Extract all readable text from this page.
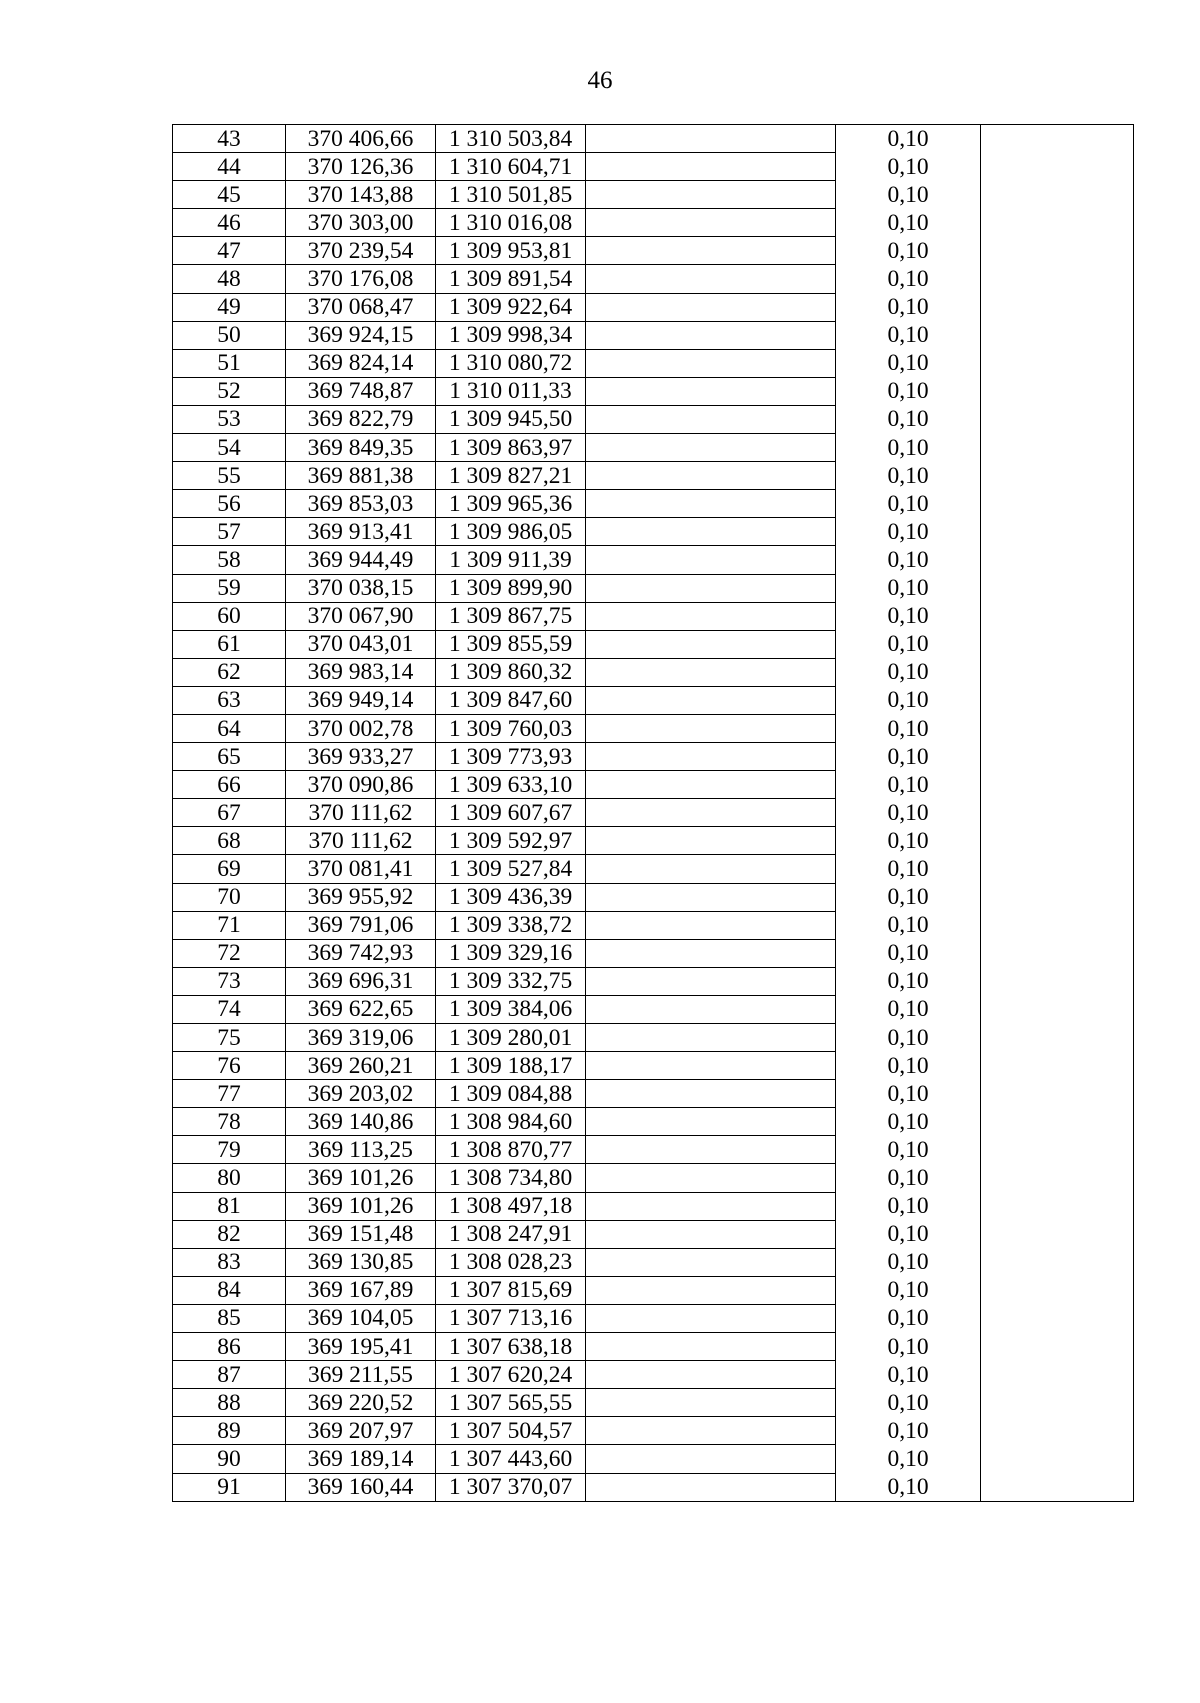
46
43	370 406,66	1 310 503,84		0,10	
44	370 126,36	1 310 604,71		0,10	
45	370 143,88	1 310 501,85		0,10	
46	370 303,00	1 310 016,08		0,10	
47	370 239,54	1 309 953,81		0,10	
48	370 176,08	1 309 891,54		0,10	
49	370 068,47	1 309 922,64		0,10	
50	369 924,15	1 309 998,34		0,10	
51	369 824,14	1 310 080,72		0,10	
52	369 748,87	1 310 011,33		0,10	
53	369 822,79	1 309 945,50		0,10	
54	369 849,35	1 309 863,97		0,10	
55	369 881,38	1 309 827,21		0,10	
56	369 853,03	1 309 965,36		0,10	
57	369 913,41	1 309 986,05		0,10	
58	369 944,49	1 309 911,39		0,10	
59	370 038,15	1 309 899,90		0,10	
60	370 067,90	1 309 867,75		0,10	
61	370 043,01	1 309 855,59		0,10	
62	369 983,14	1 309 860,32		0,10	
63	369 949,14	1 309 847,60		0,10	
64	370 002,78	1 309 760,03		0,10	
65	369 933,27	1 309 773,93		0,10	
66	370 090,86	1 309 633,10		0,10	
67	370 111,62	1 309 607,67		0,10	
68	370 111,62	1 309 592,97		0,10	
69	370 081,41	1 309 527,84		0,10	
70	369 955,92	1 309 436,39		0,10	
71	369 791,06	1 309 338,72		0,10	
72	369 742,93	1 309 329,16		0,10	
73	369 696,31	1 309 332,75		0,10	
74	369 622,65	1 309 384,06		0,10	
75	369 319,06	1 309 280,01		0,10	
76	369 260,21	1 309 188,17		0,10	
77	369 203,02	1 309 084,88		0,10	
78	369 140,86	1 308 984,60		0,10	
79	369 113,25	1 308 870,77		0,10	
80	369 101,26	1 308 734,80		0,10	
81	369 101,26	1 308 497,18		0,10	
82	369 151,48	1 308 247,91		0,10	
83	369 130,85	1 308 028,23		0,10	
84	369 167,89	1 307 815,69		0,10	
85	369 104,05	1 307 713,16		0,10	
86	369 195,41	1 307 638,18		0,10	
87	369 211,55	1 307 620,24		0,10	
88	369 220,52	1 307 565,55		0,10	
89	369 207,97	1 307 504,57		0,10	
90	369 189,14	1 307 443,60		0,10	
91	369 160,44	1 307 370,07		0,10	
